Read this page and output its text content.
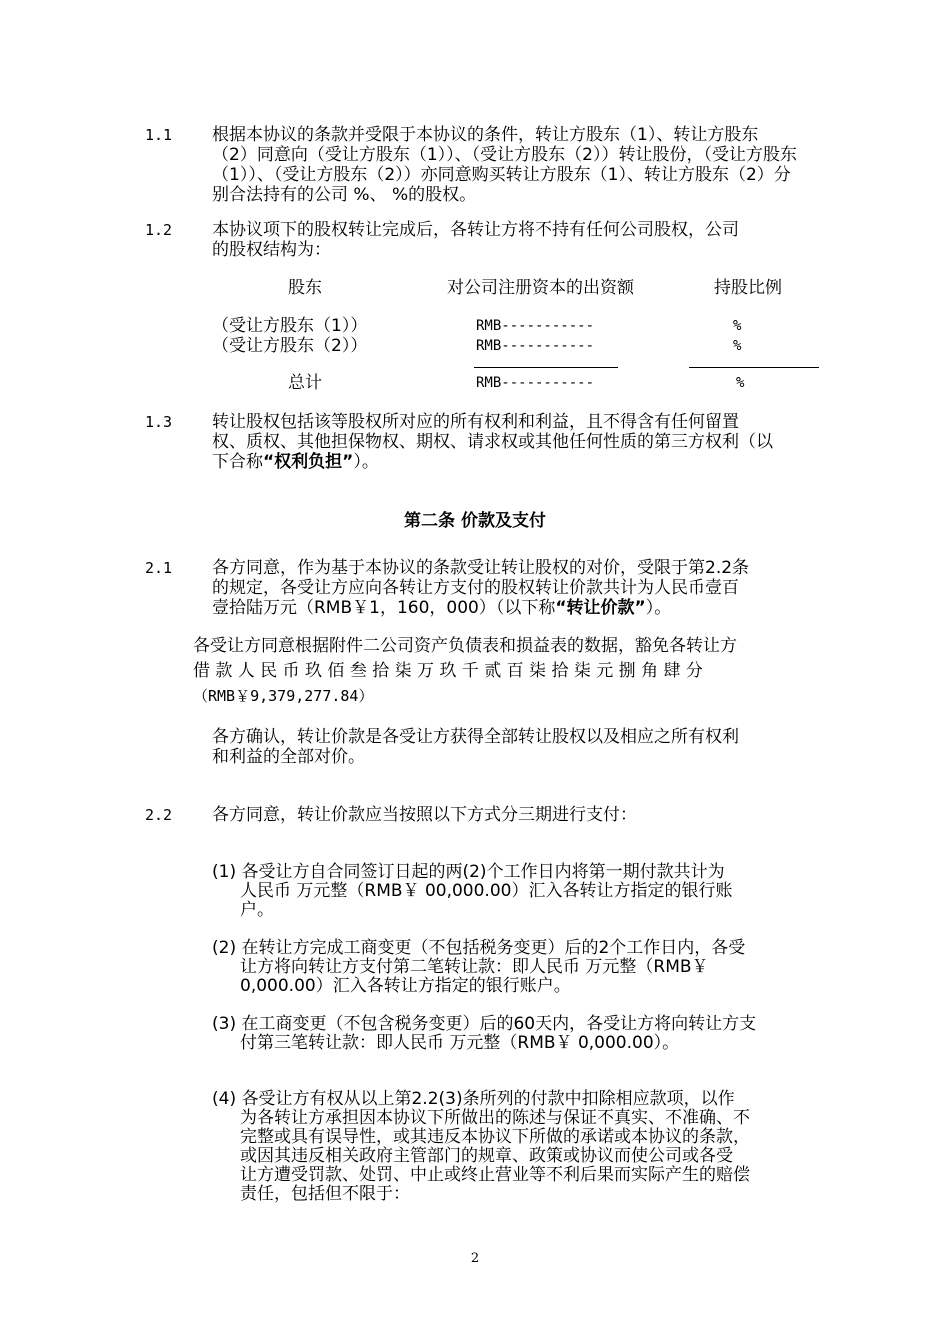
1.1 根据本协议的条款并受限于本协议的条件，转让方股东（1）、转让方股东
（2）同意向（受让方股东（1））、（受让方股东（2））转让股份，（受让方股东
（1））、（受让方股东（2））亦同意购买转让方股东（1）、转让方股东（2）分
别合法持有的公司 %、 %的股权。
1.2 本协议项下的股权转让完成后，各转让方将不持有任何公司股权，公司
的股权结构为：
股东	对公司注册资本的出资额	持股比例
（受让方股东（1））	RMB-----------	%
（受让方股东（2））	RMB-----------	%
总计	RMB-----------	%
1.3 转让股权包括该等股权所对应的所有权利和利益，且不得含有任何留置
权、质权、其他担保物权、期权、请求权或其他任何性质的第三方权利（以
下合称“权利负担”）。
第二条 价款及支付
2.1 各方同意，作为基于本协议的条款受让转让股权的对价，受限于第2.2条
的规定，各受让方应向各转让方支付的股权转让价款共计为人民币壹百
壹拾陆万元（RMB￥1，160，000）（以下称“转让价款”）。
各受让方同意根据附件二公司资产负债表和损益表的数据，豁免各转让方
借 款 人 民 币 玖 佰 叁 拾 柒 万 玖 千 贰 百 柒 拾 柒 元 捌 角 肆 分
（RMB￥9,379,277.84）
各方确认，转让价款是各受让方获得全部转让股权以及相应之所有权利
和利益的全部对价。
2.2 各方同意，转让价款应当按照以下方式分三期进行支付：
(1) 各受让方自合同签订日起的两(2)个工作日内将第一期付款共计为
人民币 万元整（RMB￥ 00,000.00）汇入各转让方指定的银行账
户。
(2) 在转让方完成工商变更（不包括税务变更）后的2个工作日内，各受
让方将向转让方支付第二笔转让款：即人民币 万元整（RMB￥
0,000.00）汇入各转让方指定的银行账户。
(3) 在工商变更（不包含税务变更）后的60天内，各受让方将向转让方支
付第三笔转让款：即人民币 万元整（RMB￥ 0,000.00）。
(4) 各受让方有权从以上第2.2(3)条所列的付款中扣除相应款项，以作
为各转让方承担因本协议下所做出的陈述与保证不真实、不准确、不
完整或具有误导性，或其违反本协议下所做的承诺或本协议的条款，
或因其违反相关政府主管部门的规章、政策或协议而使公司或各受
让方遭受罚款、处罚、中止或终止营业等不利后果而实际产生的赔偿
责任，包括但不限于：
2
